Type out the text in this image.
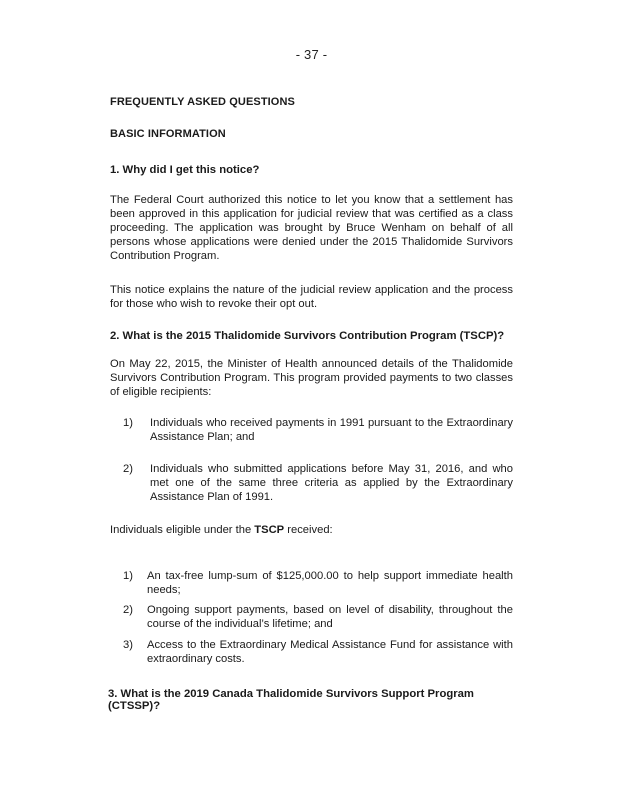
- 37 -
FREQUENTLY ASKED QUESTIONS
BASIC INFORMATION
1. Why did I get this notice?
The Federal Court authorized this notice to let you know that a settlement has been approved in this application for judicial review that was certified as a class proceeding. The application was brought by Bruce Wenham on behalf of all persons whose applications were denied under the 2015 Thalidomide Survivors Contribution Program.
This notice explains the nature of the judicial review application and the process for those who wish to revoke their opt out.
2. What is the 2015 Thalidomide Survivors Contribution Program (TSCP)?
On May 22, 2015, the Minister of Health announced details of the Thalidomide Survivors Contribution Program. This program provided payments to two classes of eligible recipients:
1) Individuals who received payments in 1991 pursuant to the Extraordinary Assistance Plan; and
2) Individuals who submitted applications before May 31, 2016, and who met one of the same three criteria as applied by the Extraordinary Assistance Plan of 1991.
Individuals eligible under the TSCP received:
1) An tax-free lump-sum of $125,000.00 to help support immediate health needs;
2) Ongoing support payments, based on level of disability, throughout the course of the individual’s lifetime; and
3) Access to the Extraordinary Medical Assistance Fund for assistance with extraordinary costs.
3. What is the 2019 Canada Thalidomide Survivors Support Program (CTSSP)?
